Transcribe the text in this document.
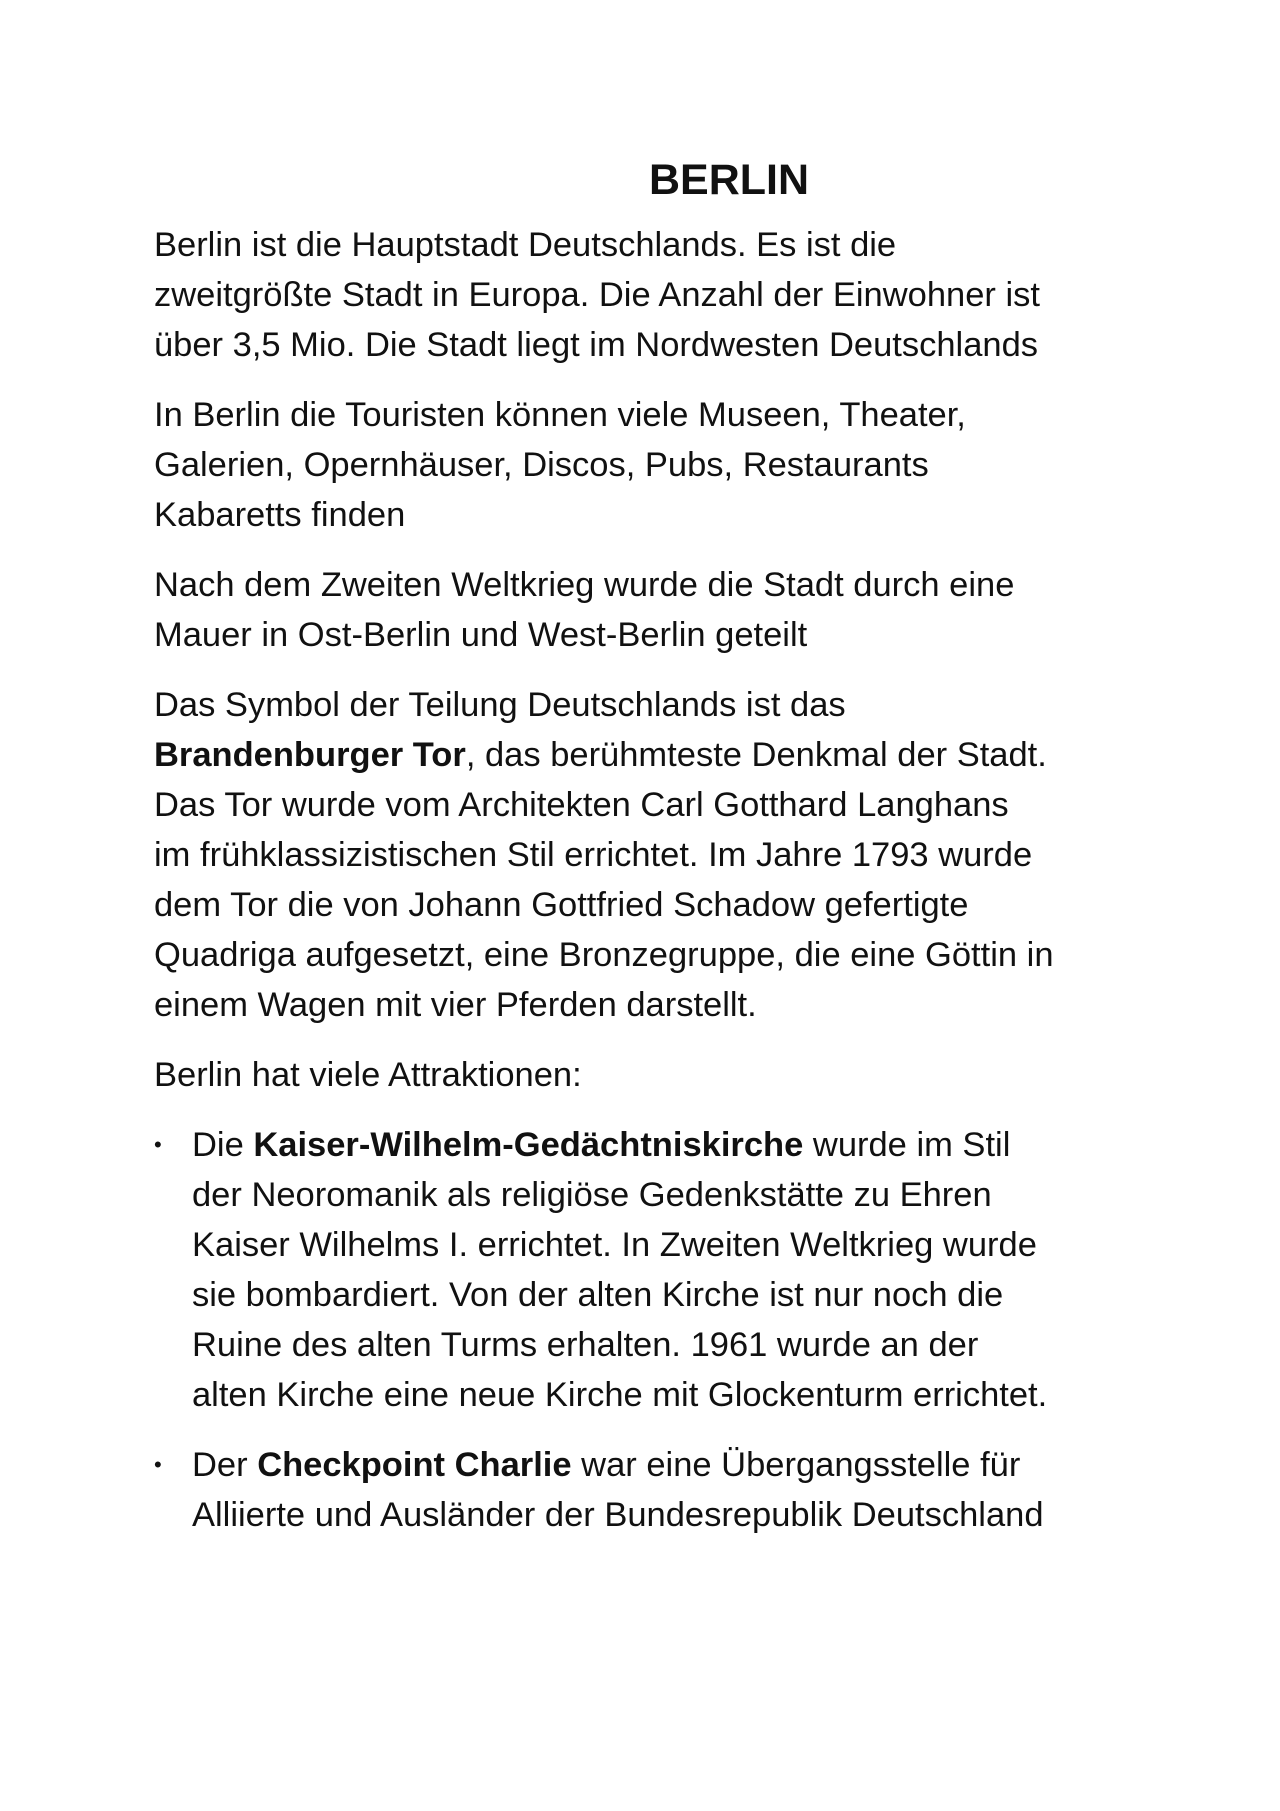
BERLIN

Berlin ist die Hauptstadt Deutschlands. Es ist die
zweitgrößte Stadt in Europa. Die Anzahl der Einwohner ist
über 3,5 Mio. Die Stadt liegt im Nordwesten Deutschlands

In Berlin die Touristen können viele Museen, Theater,
Galerien, Opernhäuser, Discos, Pubs, Restaurants
Kabaretts finden

Nach dem Zweiten Weltkrieg wurde die Stadt durch eine
Mauer in Ost-Berlin und West-Berlin geteilt

Das Symbol der Teilung Deutschlands ist das
Brandenburger Tor, das berühmteste Denkmal der Stadt.
Das Tor wurde vom Architekten Carl Gotthard Langhans
im frühklassizistischen Stil errichtet. Im Jahre 1793 wurde
dem Tor die von Johann Gottfried Schadow gefertigte
Quadriga aufgesetzt, eine Bronzegruppe, die eine Göttin in
einem Wagen mit vier Pferden darstellt.

Berlin hat viele Attraktionen:

• Die Kaiser-Wilhelm-Gedächtniskirche wurde im Stil
der Neoromanik als religiöse Gedenkstätte zu Ehren
Kaiser Wilhelms I. errichtet. In Zweiten Weltkrieg wurde
sie bombardiert. Von der alten Kirche ist nur noch die
Ruine des alten Turms erhalten. 1961 wurde an der
alten Kirche eine neue Kirche mit Glockenturm errichtet.
• Der Checkpoint Charlie war eine Übergangsstelle für
Alliierte und Ausländer der Bundesrepublik Deutschland
